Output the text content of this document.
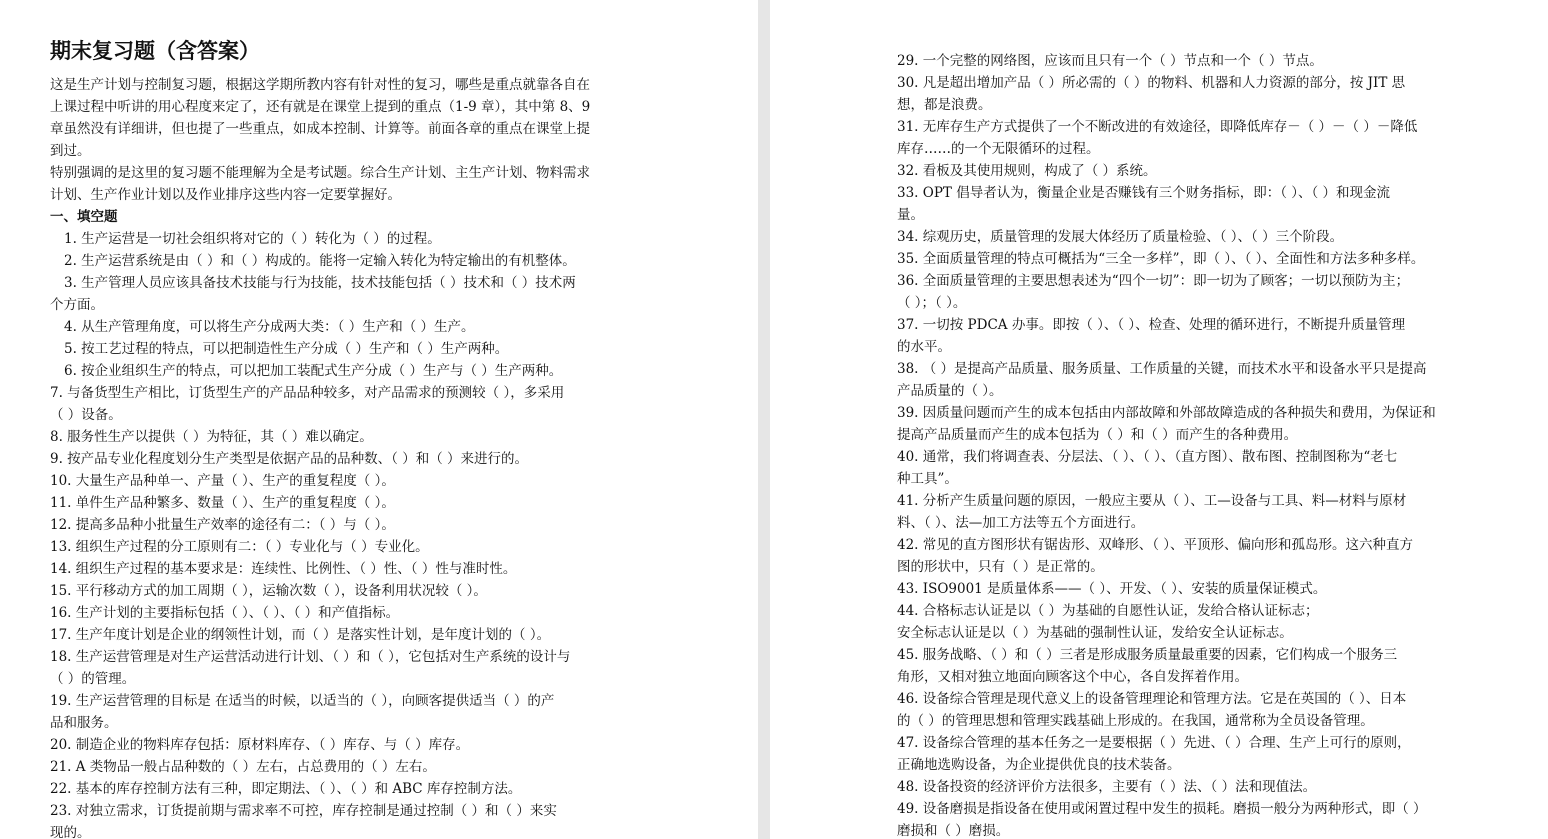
期末复习题（含答案）

这是生产计划与控制复习题，根据这学期所教内容有针对性的复习，哪些是重点就靠各自在

上课过程中听讲的用心程度来定了，还有就是在课堂上提到的重点（1-9 章），其中第 8、9

章虽然没有详细讲，但也提了一些重点，如成本控制、计算等。前面各章的重点在课堂上提

到过。

特别强调的是这里的复习题不能理解为全是考试题。综合生产计划、主生产计划、物料需求

计划、生产作业计划以及作业排序这些内容一定要掌握好。

一、填空题

1. 生产运营是一切社会组织将对它的（ ）转化为（ ）的过程。

2. 生产运营系统是由（ ）和（ ）构成的。能将一定输入转化为特定输出的有机整体。

3. 生产管理人员应该具备技术技能与行为技能，技术技能包括（ ）技术和（ ）技术两

个方面。

4. 从生产管理角度，可以将生产分成两大类：（ ）生产和（ ）生产。

5. 按工艺过程的特点，可以把制造性生产分成（ ）生产和（ ）生产两种。

6. 按企业组织生产的特点，可以把加工装配式生产分成（ ）生产与（ ）生产两种。

7. 与备货型生产相比，订货型生产的产品品种较多，对产品需求的预测较（ ），多采用

（ ）设备。

8. 服务性生产以提供（ ）为特征，其（ ）难以确定。

9. 按产品专业化程度划分生产类型是依据产品的品种数、（ ）和（ ）来进行的。

10. 大量生产品种单一、产量（ ）、生产的重复程度（ ）。

11. 单件生产品种繁多、数量（ ）、生产的重复程度（ ）。

12. 提高多品种小批量生产效率的途径有二：（ ）与（ ）。

13. 组织生产过程的分工原则有二：（ ）专业化与（ ）专业化。

14. 组织生产过程的基本要求是：连续性、比例性、（ ）性、（ ）性与准时性。

15. 平行移动方式的加工周期（ ），运输次数（ ），设备利用状况较（ ）。

16. 生产计划的主要指标包括（ ）、（ ）、（ ）和产值指标。

17. 生产年度计划是企业的纲领性计划，而（ ）是落实性计划，是年度计划的（ ）。

18. 生产运营管理是对生产运营活动进行计划、（ ）和（ ），它包括对生产系统的设计与

（ ）的管理。

19. 生产运营管理的目标是 在适当的时候，以适当的（ ），向顾客提供适当（ ）的产

品和服务。

20. 制造企业的物料库存包括：原材料库存、（ ）库存、与（ ）库存。

21. A 类物品一般占品种数的（ ）左右，占总费用的（ ）左右。

22. 基本的库存控制方法有三种，即定期法、（ ）、（ ）和 ABC 库存控制方法。

23. 对独立需求，订货提前期与需求率不可控，库存控制是通过控制（ ）和（ ）来实

现的。

29. 一个完整的网络图，应该而且只有一个（ ）节点和一个（ ）节点。

30. 凡是超出增加产品（ ）所必需的（ ）的物料、机器和人力资源的部分，按 JIT 思

想，都是浪费。

31. 无库存生产方式提供了一个不断改进的有效途径，即降低库存－（ ）－（ ）－降低

库存……的一个无限循环的过程。

32. 看板及其使用规则，构成了（ ）系统。

33. OPT 倡导者认为，衡量企业是否赚钱有三个财务指标，即：（ ）、（ ）和现金流

量。

34. 综观历史，质量管理的发展大体经历了质量检验、（ ）、（ ）三个阶段。

35. 全面质量管理的特点可概括为“三全一多样”，即（ ）、（ ）、全面性和方法多种多样。

36. 全面质量管理的主要思想表述为“四个一切”：即一切为了顾客；一切以预防为主；

（ ）；（ ）。

37. 一切按 PDCA 办事。即按（ ）、（ ）、检查、处理的循环进行，不断提升质量管理

的水平。

38. （ ）是提高产品质量、服务质量、工作质量的关键，而技术水平和设备水平只是提高

产品质量的（ ）。

39. 因质量问题而产生的成本包括由内部故障和外部故障造成的各种损失和费用，为保证和

提高产品质量而产生的成本包括为（ ）和（ ）而产生的各种费用。

40. 通常，我们将调查表、分层法、（ ）、（ ）、（直方图）、散布图、控制图称为“老七

种工具”。

41. 分析产生质量问题的原因，一般应主要从（ ）、工—设备与工具、料—材料与原材

料、（ ）、法—加工方法等五个方面进行。

42. 常见的直方图形状有锯齿形、双峰形、（ ）、平顶形、偏向形和孤岛形。这六种直方

图的形状中，只有（ ）是正常的。

43. ISO9001 是质量体系——（ ）、开发、（ ）、安装的质量保证模式。

44. 合格标志认证是以（ ）为基础的自愿性认证，发给合格认证标志；

安全标志认证是以（ ）为基础的强制性认证，发给安全认证标志。

45. 服务战略、（ ）和（ ）三者是形成服务质量最重要的因素，它们构成一个服务三

角形，又相对独立地面向顾客这个中心，各自发挥着作用。

46. 设备综合管理是现代意义上的设备管理理论和管理方法。它是在英国的（ ）、日本

的（ ）的管理思想和管理实践基础上形成的。在我国，通常称为全员设备管理。

47. 设备综合管理的基本任务之一是要根据（ ）先进、（ ）合理、生产上可行的原则，

正确地选购设备，为企业提供优良的技术装备。

48. 设备投资的经济评价方法很多，主要有（ ）法、（ ）法和现值法。

49. 设备磨损是指设备在使用或闲置过程中发生的损耗。磨损一般分为两种形式，即（ ）

磨损和（ ）磨损。
